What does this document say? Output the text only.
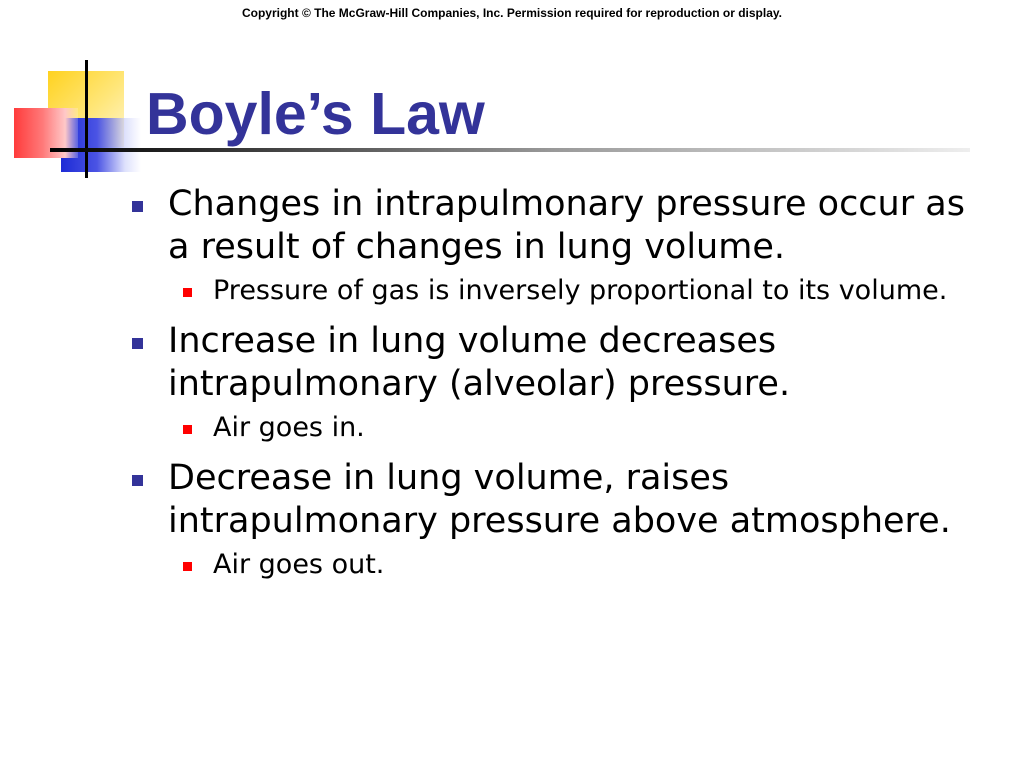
Copyright © The McGraw-Hill Companies, Inc. Permission required for reproduction or display.
Boyle’s Law
Changes in intrapulmonary pressure occur as a result of changes in lung volume.
Pressure of gas is inversely proportional to its volume.
Increase in lung volume decreases intrapulmonary (alveolar) pressure.
Air goes in.
Decrease in lung volume, raises intrapulmonary pressure above atmosphere.
Air goes out.
